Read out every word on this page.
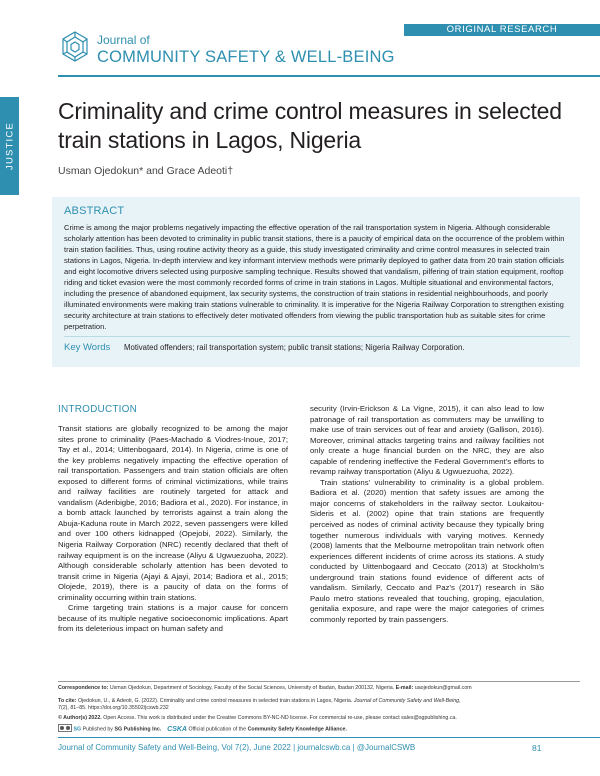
ORIGINAL RESEARCH
Journal of
COMMUNITY SAFETY & WELL-BEING
JUSTICE
Criminality and crime control measures in selected train stations in Lagos, Nigeria
Usman Ojedokun* and Grace Adeoti†
ABSTRACT
Crime is among the major problems negatively impacting the effective operation of the rail transportation system in Nigeria. Although considerable scholarly attention has been devoted to criminality in public transit stations, there is a paucity of empirical data on the occurrence of the problem within train station facilities. Thus, using routine activity theory as a guide, this study investigated criminality and crime control measures in selected train stations in Lagos, Nigeria. In-depth interview and key informant interview methods were primarily deployed to gather data from 20 train station officials and eight locomotive drivers selected using purposive sampling technique. Results showed that vandalism, pilfering of train station equipment, rooftop riding and ticket evasion were the most commonly recorded forms of crime in train stations in Lagos. Multiple situational and environmental factors, including the presence of abandoned equipment, lax security systems, the construction of train stations in residential neighbourhoods, and poorly illuminated environments were making train stations vulnerable to criminality. It is imperative for the Nigeria Railway Corporation to strengthen existing security architecture at train stations to effectively deter motivated offenders from viewing the public transportation hub as suitable sites for crime perpetration.
Key Words Motivated offenders; rail transportation system; public transit stations; Nigeria Railway Corporation.
INTRODUCTION

Transit stations are globally recognized to be among the major sites prone to criminality (Paes-Machado & Viodres-Inoue, 2017; Tay et al., 2014; Uittenbogaard, 2014). In Nigeria, crime is one of the key problems negatively impacting the effective operation of rail transportation. Passengers and train station officials are often exposed to different forms of criminal victimizations, while trains and railway facilities are routinely targeted for attack and vandalism (Aderibigbe, 2016; Badiora et al., 2020). For instance, in a bomb attack launched by terrorists against a train along the Abuja-Kaduna route in March 2022, seven passengers were killed and over 100 others kidnapped (Opejobi, 2022). Similarly, the Nigeria Railway Corporation (NRC) recently declared that theft of railway equipment is on the increase (Aliyu & Ugwuezuoha, 2022). Although considerable scholarly attention has been devoted to transit crime in Nigeria (Ajayi & Ajayi, 2014; Badiora et al., 2015; Olojede, 2019), there is a paucity of data on the forms of criminality occurring within train stations.

Crime targeting train stations is a major cause for concern because of its multiple negative socioeconomic implications. Apart from its deleterious impact on human safety and

security (Irvin-Erickson & La Vigne, 2015), it can also lead to low patronage of rail transportation as commuters may be unwilling to make use of train services out of fear and anxiety (Gallison, 2016). Moreover, criminal attacks targeting trains and railway facilities not only create a huge financial burden on the NRC, they are also capable of rendering ineffective the Federal Government’s efforts to revamp railway transportation (Aliyu & Ugwuezuoha, 2022).

Train stations’ vulnerability to criminality is a global problem. Badiora et al. (2020) mention that safety issues are among the major concerns of stakeholders in the railway sector. Loukaitou-Sideris et al. (2002) opine that train stations are frequently perceived as nodes of criminal activity because they typically bring together numerous individuals with varying motives. Kennedy (2008) laments that the Melbourne metropolitan train network often experiences different incidents of crime across its stations. A study conducted by Uittenbogaard and Ceccato (2013) at Stockholm’s underground train stations found evidence of different acts of vandalism. Similarly, Ceccato and Paz’s (2017) research in São Paulo metro stations revealed that touching, groping, ejaculation, genitalia exposure, and rape were the major categories of crimes commonly reported by train passengers.

Correspondence to: Usman Ojedokun, Department of Sociology, Faculty of the Social Sciences, University of Ibadan, Ibadan 200132, Nigeria. E-mail: uaojedokun@gmail.com
To cite: Ojedokun, U., & Adeoti, G. (2022). Criminality and crime control measures in selected train stations in Lagos, Nigeria. Journal of Community Safety and Well-Being,
7(2), 81–85. https://doi.org/10.35502/jcswb.232
© Author(s) 2022. Open Access. This work is distributed under the Creative Commons BY-NC-ND license. For commercial re-use, please contact sales@sgpublishing.ca.
SG Published by SG Publishing Inc. CSKA Official publication of the Community Safety Knowledge Alliance.
Journal of Community Safety and Well-Being, Vol 7(2), June 2022 | journalcswb.ca | @JournalCSWB	81
